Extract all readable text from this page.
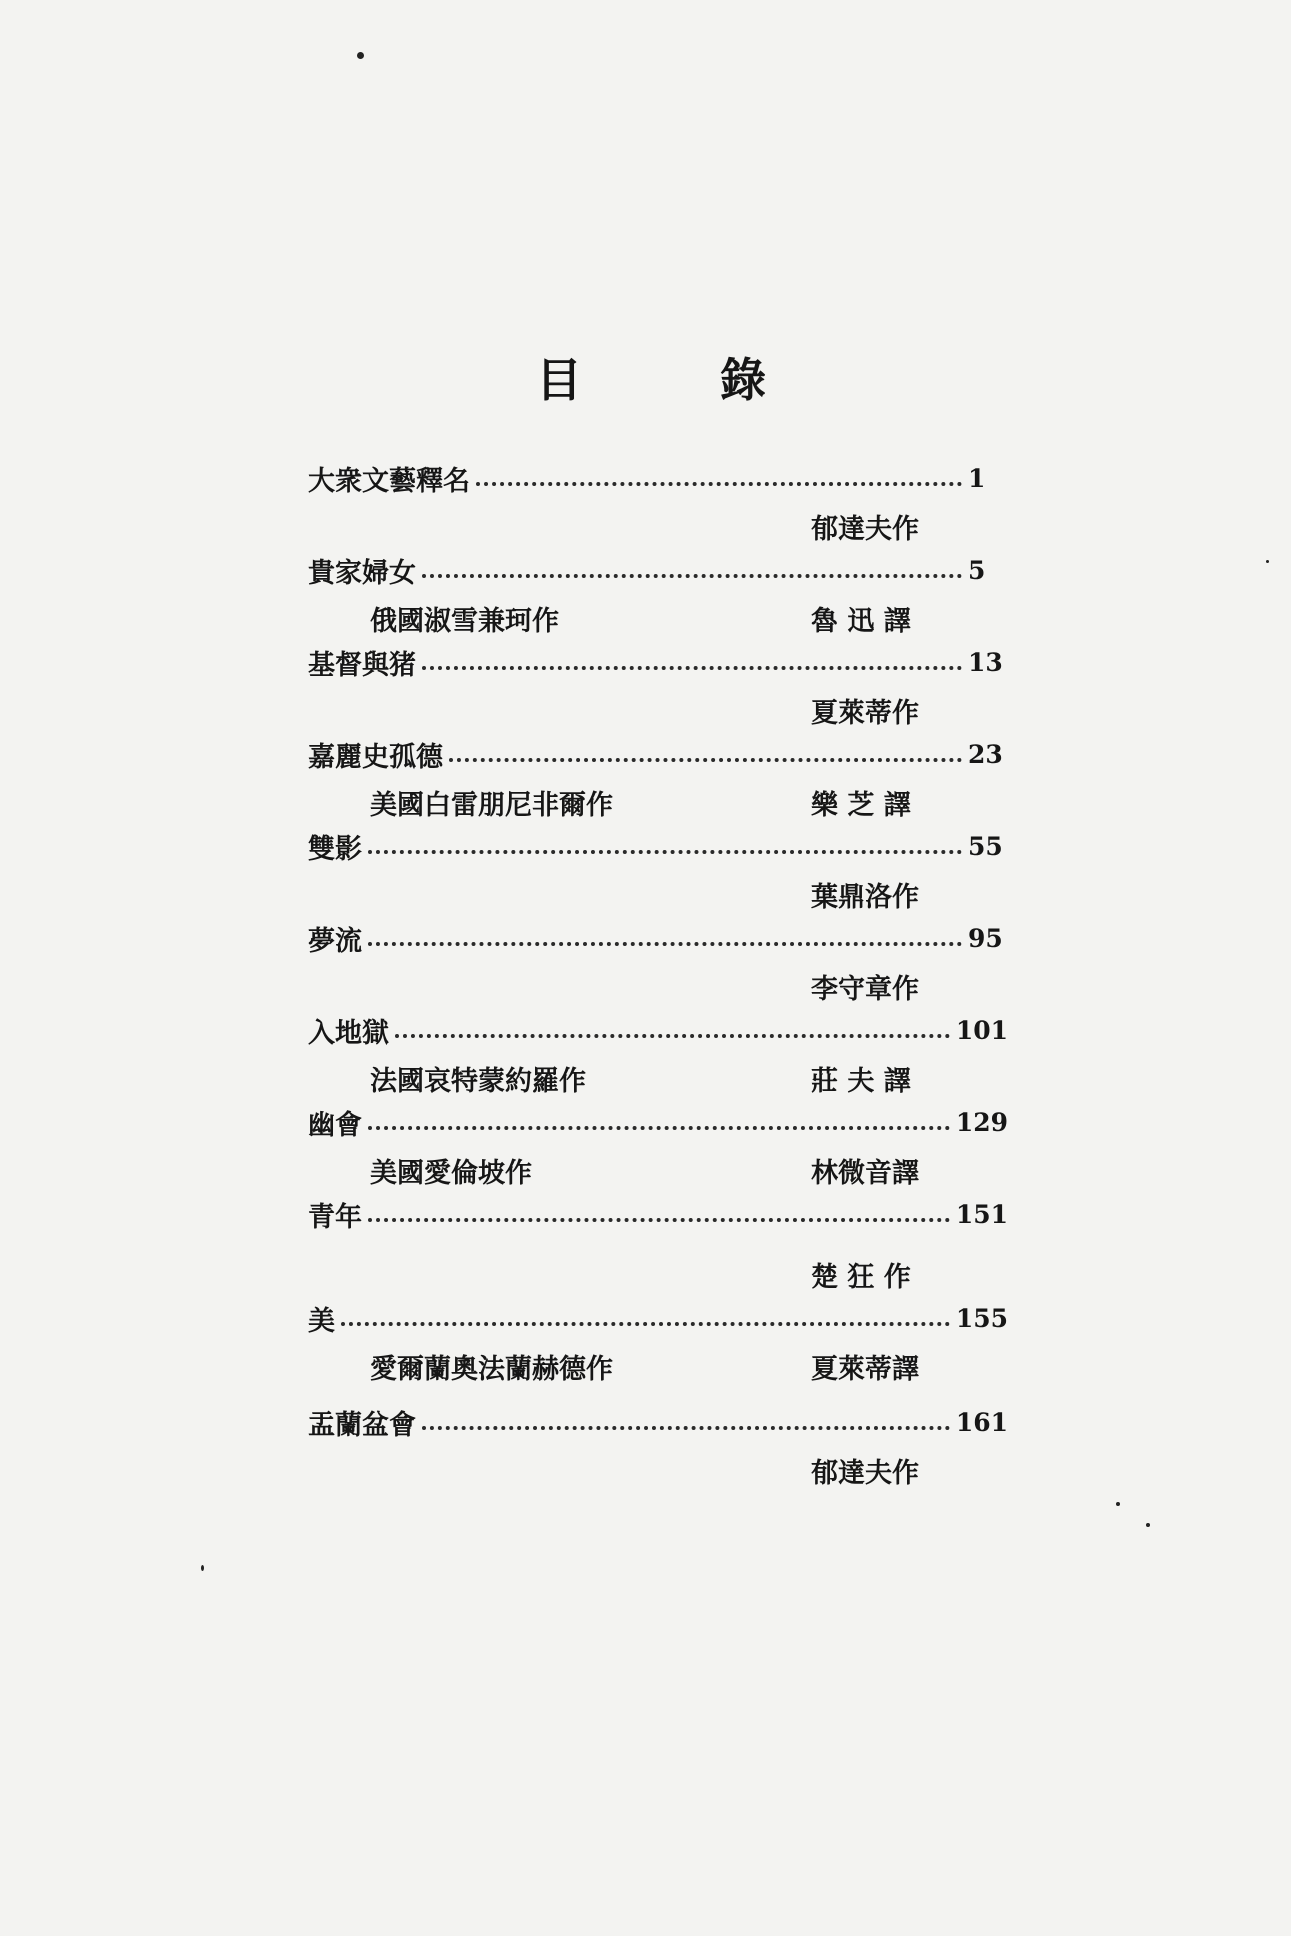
目	錄
大衆文藝釋名	1
郁達夫作
貴家婦女	5
俄國淑雪兼珂作	魯 迅 譯
基督與猪	13
夏萊蒂作
嘉麗史孤德	23
美國白雷朋尼非爾作	樂 芝 譯
雙影	55
葉鼎洛作
夢流	95
李守章作
入地獄	101
法國哀特蒙約羅作	莊 夫 譯
幽會	129
美國愛倫坡作	林微音譯
青年	151
楚 狂 作
美	155
愛爾蘭奧法蘭赫德作	夏萊蒂譯
盂蘭盆會	161
郁達夫作
